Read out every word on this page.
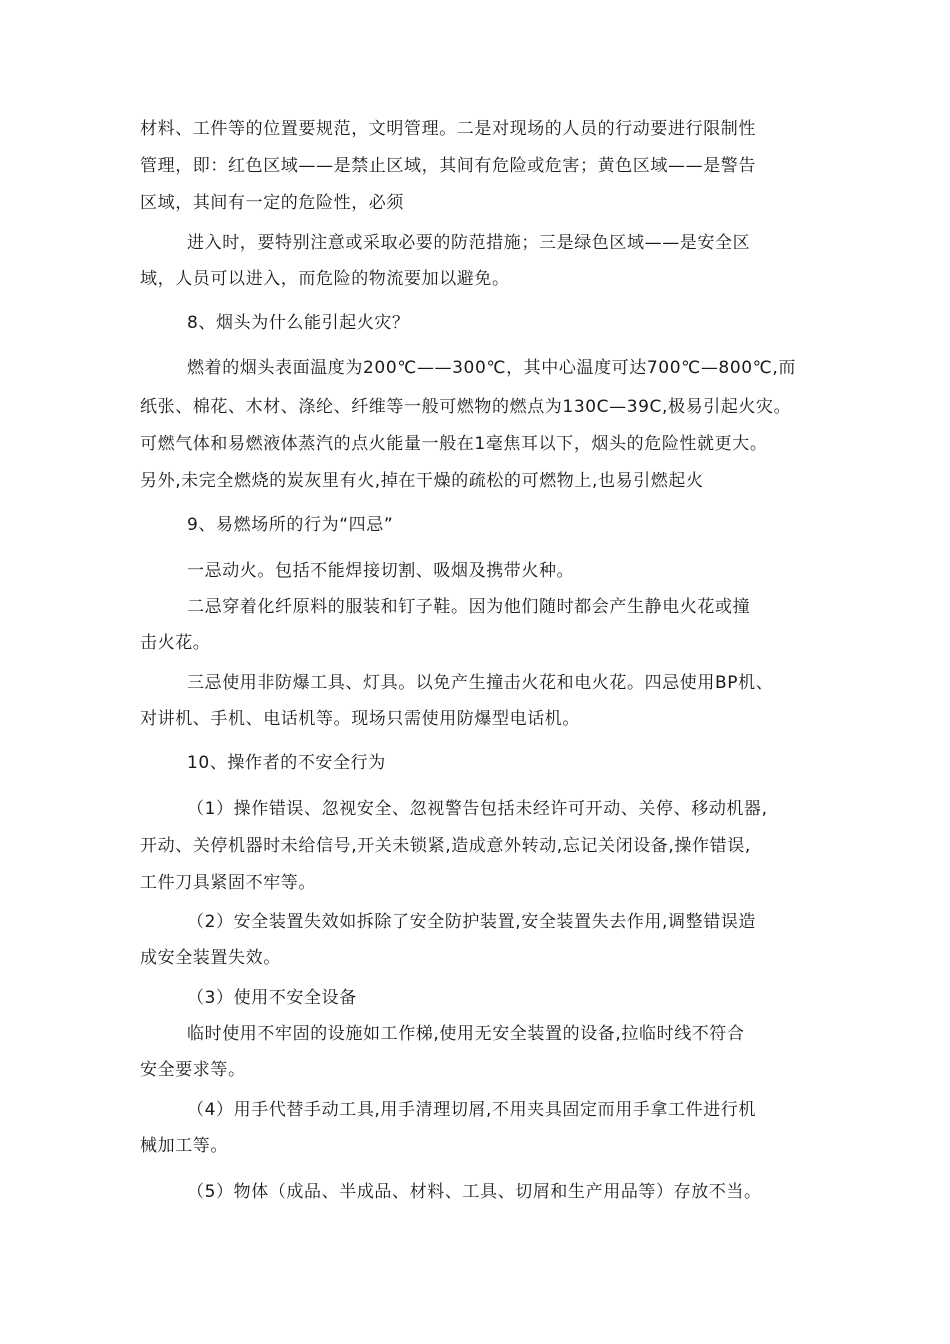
材料、工件等的位置要规范，文明管理。二是对现场的人员的行动要进行限制性
管理，即：红色区域——是禁止区域，其间有危险或危害；黄色区域——是警告
区域，其间有一定的危险性，必须
进入时，要特别注意或采取必要的防范措施；三是绿色区域——是安全区
域，人员可以进入，而危险的物流要加以避免。
8、烟头为什么能引起火灾？
燃着的烟头表面温度为200℃——300℃，其中心温度可达700℃—800℃,而
纸张、棉花、木材、涤纶、纤维等一般可燃物的燃点为130C—39C,极易引起火灾。
可燃气体和易燃液体蒸汽的点火能量一般在1毫焦耳以下，烟头的危险性就更大。
另外,未完全燃烧的炭灰里有火,掉在干燥的疏松的可燃物上,也易引燃起火
9、易燃场所的行为“四忌”
一忌动火。包括不能焊接切割、吸烟及携带火种。
二忌穿着化纤原料的服装和钉子鞋。因为他们随时都会产生静电火花或撞
击火花。
三忌使用非防爆工具、灯具。以免产生撞击火花和电火花。四忌使用BP机、
对讲机、手机、电话机等。现场只需使用防爆型电话机。
10、操作者的不安全行为
（1）操作错误、忽视安全、忽视警告包括未经许可开动、关停、移动机器,
开动、关停机器时未给信号,开关未锁紧,造成意外转动,忘记关闭设备,操作错误,
工件刀具紧固不牢等。
（2）安全装置失效如拆除了安全防护装置,安全装置失去作用,调整错误造
成安全装置失效。
（3）使用不安全设备
临时使用不牢固的设施如工作梯,使用无安全装置的设备,拉临时线不符合
安全要求等。
（4）用手代替手动工具,用手清理切屑,不用夹具固定而用手拿工件进行机
械加工等。
（5）物体（成品、半成品、材料、工具、切屑和生产用品等）存放不当。
